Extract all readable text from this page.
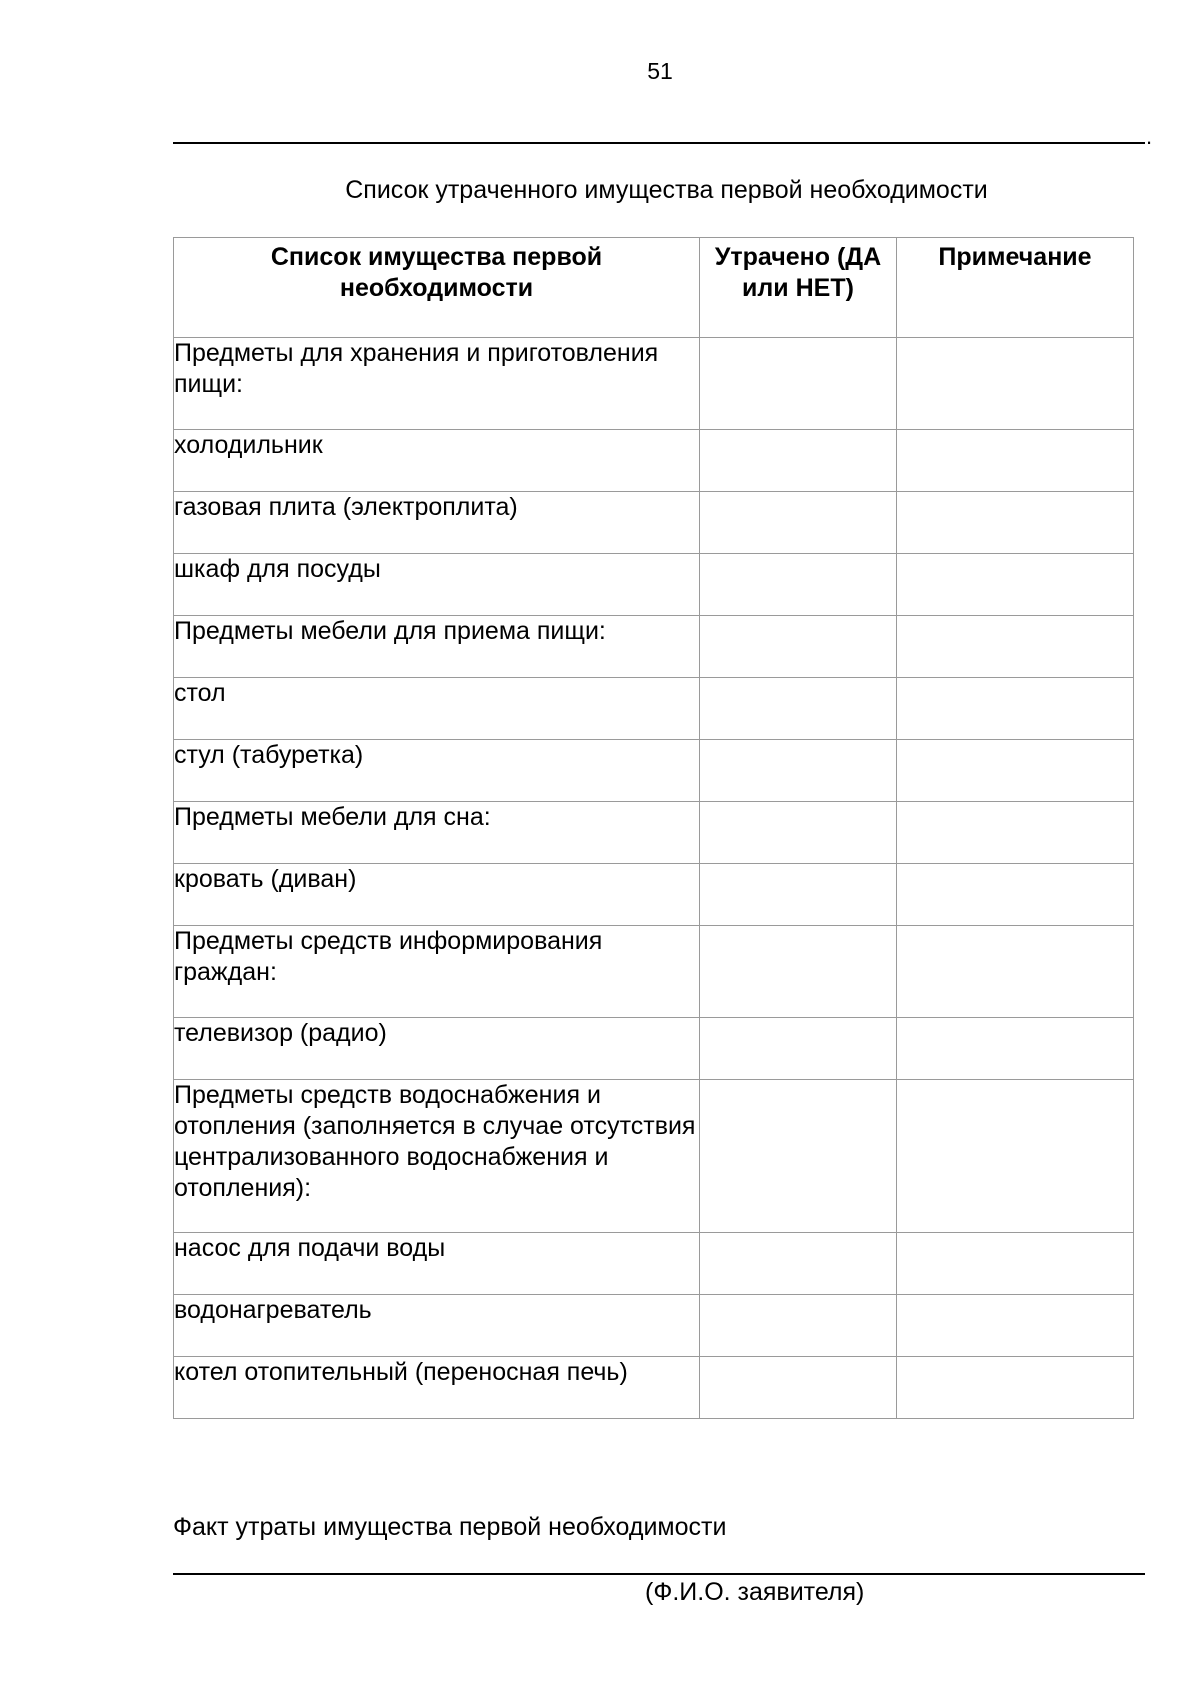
51
.
Список утраченного имущества первой необходимости
Список имущества первой необходимости	Утрачено (ДА или НЕТ)	Примечание
Предметы для хранения и приготовления пищи:		
холодильник		
газовая плита (электроплита)		
шкаф для посуды		
Предметы мебели для приема пищи:		
стол		
стул (табуретка)		
Предметы мебели для сна:		
кровать (диван)		
Предметы средств информирования граждан:		
телевизор (радио)		
Предметы средств водоснабжения и отопления (заполняется в случае отсутствия централизованного водоснабжения и отопления):		
насос для подачи воды		
водонагреватель		
котел отопительный (переносная печь)		
Факт утраты имущества первой необходимости
(Ф.И.О. заявителя)
